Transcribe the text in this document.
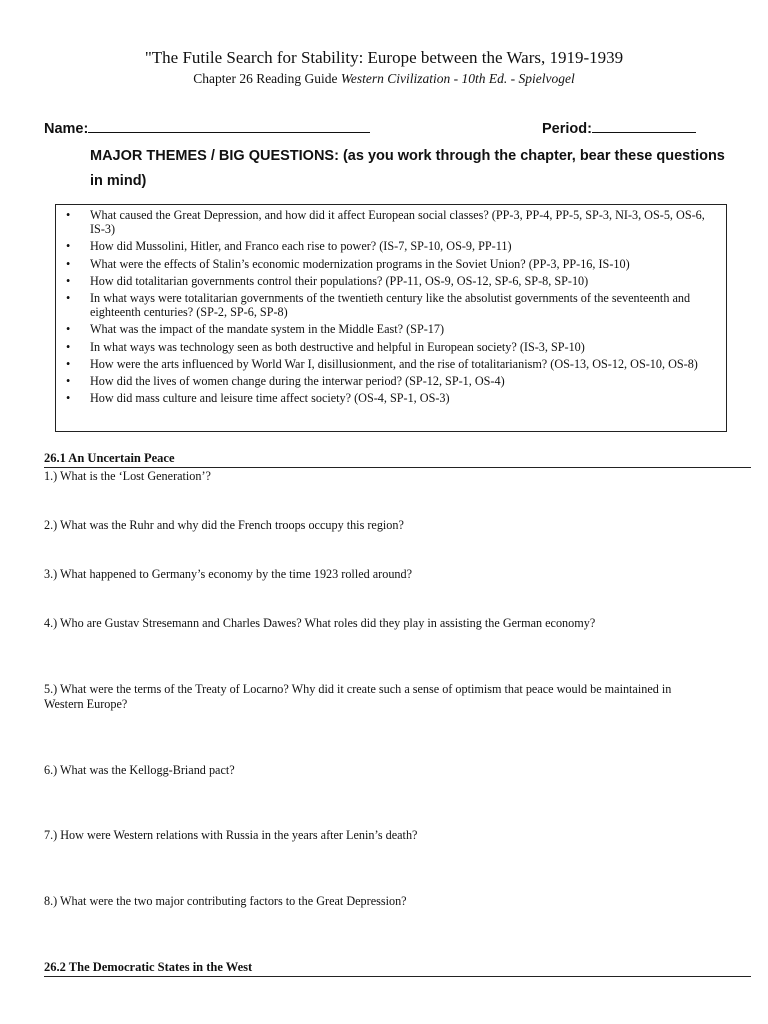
"The Futile Search for Stability: Europe between the Wars, 1919-1939
Chapter 26 Reading Guide Western Civilization - 10th Ed. - Spielvogel
Name:	Period:
MAJOR THEMES / BIG QUESTIONS: (as you work through the chapter, bear these questions in mind)
• What caused the Great Depression, and how did it affect European social classes? (PP-3, PP-4, PP-5, SP-3, NI-3, OS-5, OS-6, IS-3)
• How did Mussolini, Hitler, and Franco each rise to power? (IS-7, SP-10, OS-9, PP-11)
• What were the effects of Stalin’s economic modernization programs in the Soviet Union? (PP-3, PP-16, IS-10)
• How did totalitarian governments control their populations? (PP-11, OS-9, OS-12, SP-6, SP-8, SP-10)
• In what ways were totalitarian governments of the twentieth century like the absolutist governments of the seventeenth and eighteenth centuries? (SP-2, SP-6, SP-8)
• What was the impact of the mandate system in the Middle East? (SP-17)
• In what ways was technology seen as both destructive and helpful in European society? (IS-3, SP-10)
• How were the arts influenced by World War I, disillusionment, and the rise of totalitarianism? (OS-13, OS-12, OS-10, OS-8)
• How did the lives of women change during the interwar period? (SP-12, SP-1, OS-4)
• How did mass culture and leisure time affect society? (OS-4, SP-1, OS-3)
26.1 An Uncertain Peace
1.) What is the ‘Lost Generation’?
2.) What was the Ruhr and why did the French troops occupy this region?
3.) What happened to Germany’s economy by the time 1923 rolled around?
4.) Who are Gustav Stresemann and Charles Dawes? What roles did they play in assisting the German economy?
5.) What were the terms of the Treaty of Locarno? Why did it create such a sense of optimism that peace would be maintained in Western Europe?
6.) What was the Kellogg-Briand pact?
7.) How were Western relations with Russia in the years after Lenin’s death?
8.) What were the two major contributing factors to the Great Depression?
26.2 The Democratic States in the West
